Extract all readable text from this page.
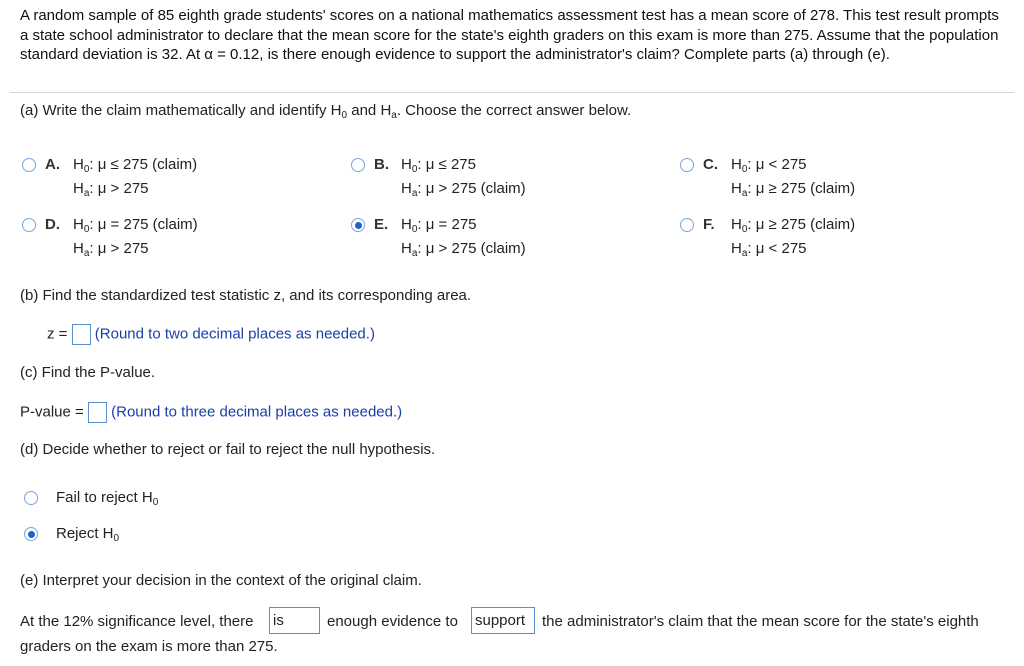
A random sample of 85 eighth grade students' scores on a national mathematics assessment test has a mean score of 278. This test result prompts a state school administrator to declare that the mean score for the state's eighth graders on this exam is more than 275. Assume that the population standard deviation is 32. At α = 0.12, is there enough evidence to support the administrator's claim? Complete parts (a) through (e).
(a) Write the claim mathematically and identify $H_0$ and $H_a$. Choose the correct answer below.
A. $H_0$: μ ≤ 275 (claim)
$H_a$: μ > 275
B. $H_0$: μ ≤ 275
$H_a$: μ > 275 (claim)
C. $H_0$: μ < 275
$H_a$: μ ≥ 275 (claim)
D. $H_0$: μ = 275 (claim)
$H_a$: μ > 275
E. $H_0$: μ = 275
$H_a$: μ > 275 (claim)
F. $H_0$: μ ≥ 275 (claim)
$H_a$: μ < 275
(b) Find the standardized test statistic z, and its corresponding area.
z = (Round to two decimal places as needed.)
(c) Find the P-value.
P-value = (Round to three decimal places as needed.)
(d) Decide whether to reject or fail to reject the null hypothesis.
Fail to reject $H_0$
Reject $H_0$
(e) Interpret your decision in the context of the original claim.
At the 12% significance level, there is	enough evidence to support	the administrator's claim that the mean score for the state's eighth
graders on the exam is more than 275.
